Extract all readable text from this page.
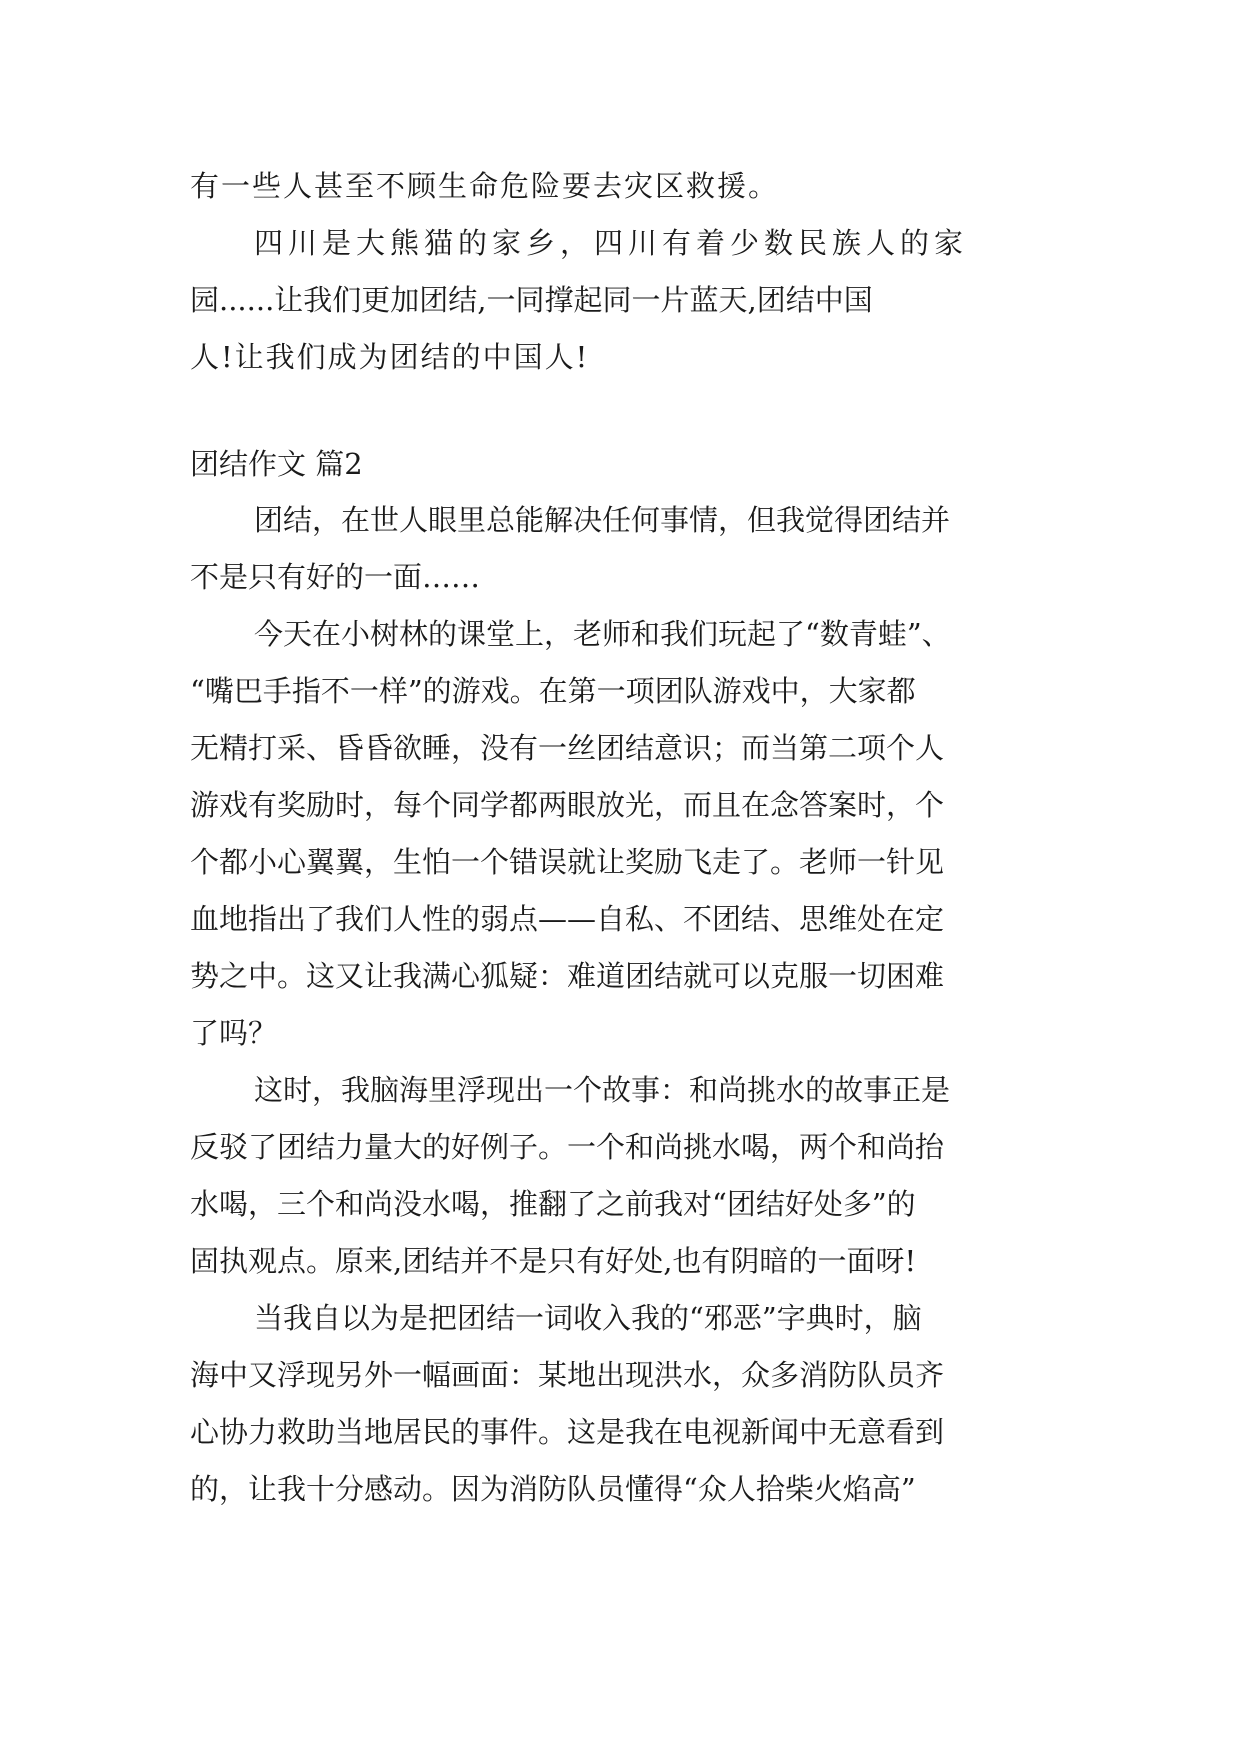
有一些人甚至不顾生命危险要去灾区救援。
四川是大熊猫的家乡，四川有着少数民族人的家
园......让我们更加团结,一同撑起同一片蓝天,团结中国
人!让我们成为团结的中国人!
团结作文 篇2
团结，在世人眼里总能解决任何事情，但我觉得团结并
不是只有好的一面……
今天在小树林的课堂上，老师和我们玩起了“数青蛙”、
“嘴巴手指不一样”的游戏。在第一项团队游戏中，大家都
无精打采、昏昏欲睡，没有一丝团结意识；而当第二项个人
游戏有奖励时，每个同学都两眼放光，而且在念答案时，个
个都小心翼翼，生怕一个错误就让奖励飞走了。老师一针见
血地指出了我们人性的弱点——自私、不团结、思维处在定
势之中。这又让我满心狐疑：难道团结就可以克服一切困难
了吗？
这时，我脑海里浮现出一个故事：和尚挑水的故事正是
反驳了团结力量大的好例子。一个和尚挑水喝，两个和尚抬
水喝，三个和尚没水喝，推翻了之前我对“团结好处多”的
固执观点。原来,团结并不是只有好处,也有阴暗的一面呀!
当我自以为是把团结一词收入我的“邪恶”字典时，脑
海中又浮现另外一幅画面：某地出现洪水，众多消防队员齐
心协力救助当地居民的事件。这是我在电视新闻中无意看到
的，让我十分感动。因为消防队员懂得“众人拾柴火焰高”
